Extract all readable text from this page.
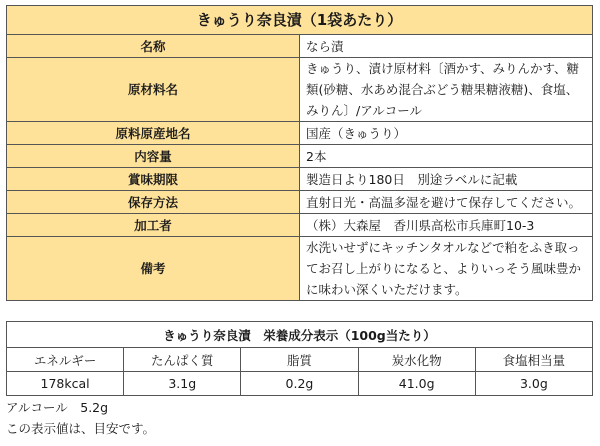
きゅうり奈良漬（1袋あたり）	
名称	なら漬
原材料名	きゅうり、漬け原材料〔酒かす、みりんかす、糖類(砂糖、水あめ混合ぶどう糖果糖液糖)、食塩、みりん〕/アルコール
原料原産地名	国産（きゅうり）
内容量	2本
賞味期限	製造日より180日　別途ラベルに記載
保存方法	直射日光・高温多湿を避けて保存してください。
加工者	（株）大森屋　香川県高松市兵庫町10-3
備考	水洗いせずにキッチンタオルなどで粕をふき取ってお召し上がりになると、よりいっそう風味豊かに味わい深くいただけます。
きゅうり奈良漬　栄養成分表示（100g当たり）				
エネルギー	たんぱく質	脂質	炭水化物	食塩相当量
178kcal	3.1g	0.2g	41.0g	3.0g
アルコール　5.2g
この表示値は、目安です。
